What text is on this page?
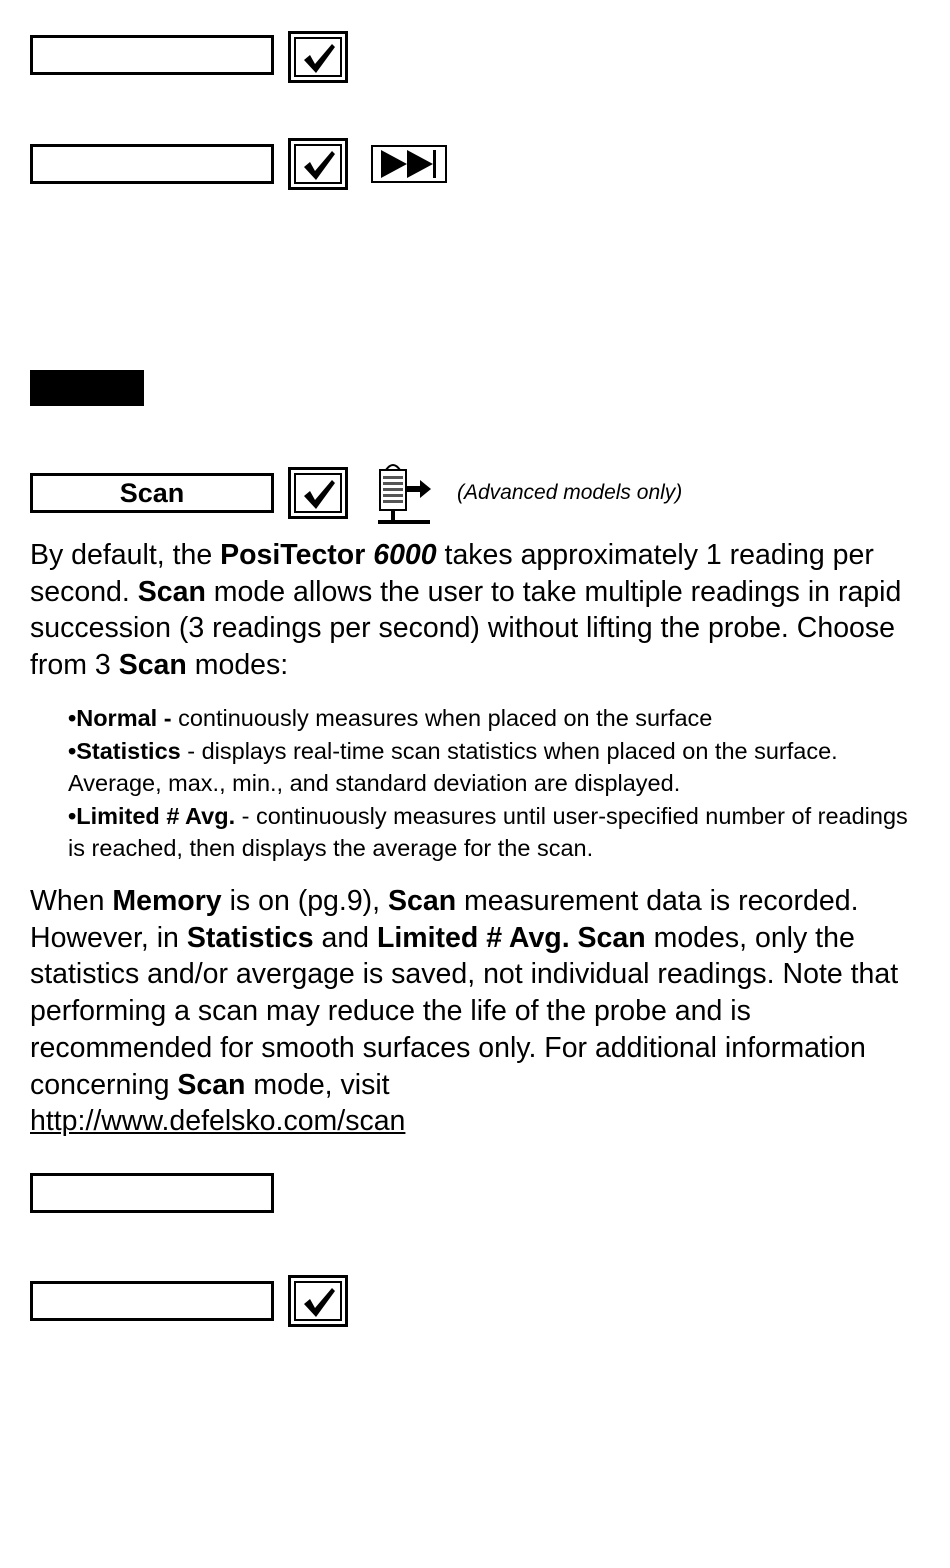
Scan	(Advanced models only)

By default, the PosiTector 6000 takes approximately 1 reading per second. Scan mode allows the user to take multiple readings in rapid succession (3 readings per second) without lifting the probe. Choose from 3 Scan modes:

•Normal - continuously measures when placed on the surface
•Statistics - displays real-time scan statistics when placed on the surface. Average, max., min., and standard deviation are displayed.
•Limited # Avg. - continuously measures until user-specified number of readings is reached, then displays the average for the scan.

When Memory is on (pg.9), Scan measurement data is recorded. However, in Statistics and Limited # Avg. Scan modes, only the statistics and/or avergage is saved, not individual readings. Note that performing a scan may reduce the life of the probe and is recommended for smooth surfaces only. For additional information concerning Scan mode, visit
http://www.defelsko.com/scan
